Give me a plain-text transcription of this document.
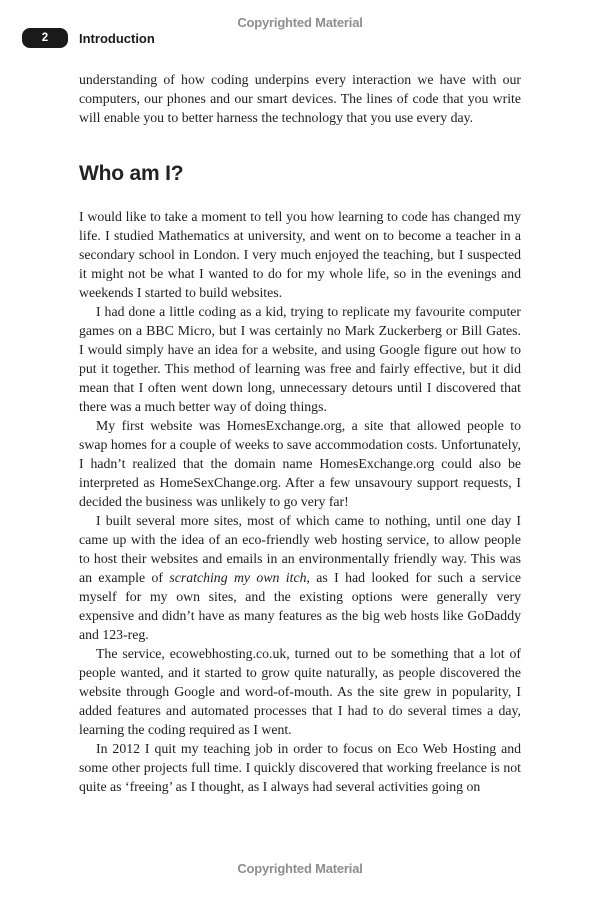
Copyrighted Material
2	Introduction

understanding of how coding underpins every interaction we have with our computers, our phones and our smart devices. The lines of code that you write will enable you to better harness the technology that you use every day.

Who am I?

I would like to take a moment to tell you how learning to code has changed my life. I studied Mathematics at university, and went on to become a teacher in a secondary school in London. I very much enjoyed the teaching, but I suspected it might not be what I wanted to do for my whole life, so in the evenings and weekends I started to build websites.

I had done a little coding as a kid, trying to replicate my favourite computer games on a BBC Micro, but I was certainly no Mark Zuckerberg or Bill Gates. I would simply have an idea for a website, and using Google figure out how to put it together. This method of learning was free and fairly effective, but it did mean that I often went down long, unnecessary detours until I discovered that there was a much better way of doing things.

My first website was HomesExchange.org, a site that allowed people to swap homes for a couple of weeks to save accommodation costs. Unfortunately, I hadn’t realized that the domain name HomesExchange.org could also be interpreted as HomeSexChange.org. After a few unsavoury support requests, I decided the business was unlikely to go very far!

I built several more sites, most of which came to nothing, until one day I came up with the idea of an eco-friendly web hosting service, to allow people to host their websites and emails in an environmentally friendly way. This was an example of scratching my own itch, as I had looked for such a service myself for my own sites, and the existing options were generally very expensive and didn’t have as many features as the big web hosts like GoDaddy and 123-reg.

The service, ecowebhosting.co.uk, turned out to be something that a lot of people wanted, and it started to grow quite naturally, as people discovered the website through Google and word-of-mouth. As the site grew in popularity, I added features and automated processes that I had to do several times a day, learning the coding required as I went.

In 2012 I quit my teaching job in order to focus on Eco Web Hosting and some other projects full time. I quickly discovered that working freelance is not quite as ‘freeing’ as I thought, as I always had several activities going on

Copyrighted Material
